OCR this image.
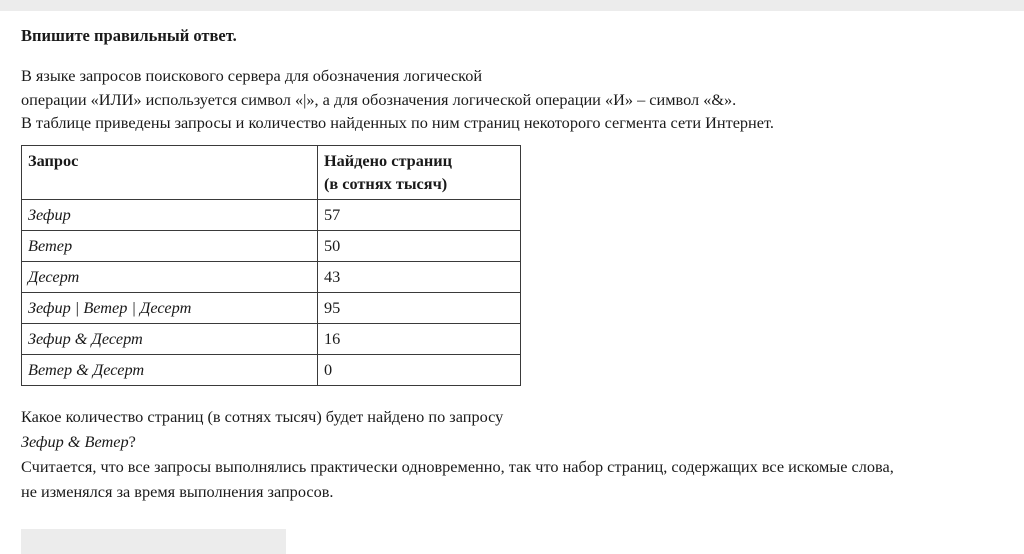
Впишите правильный ответ.

В языке запросов поискового сервера для обозначения логической

операции «ИЛИ» используется символ «|», а для обозначения логической операции «И» – символ «&».

В таблице приведены запросы и количество найденных по ним страниц некоторого сегмента сети Интернет.

Запрос	Найдено страниц
(в сотнях тысяч)

Зефир	57
Ветер	50
Десерт	43
Зефир | Ветер | Десерт	95
Зефир & Десерт	16
Ветер & Десерт	0

Какое количество страниц (в сотнях тысяч) будет найдено по запросу

Зефир & Ветер?

Считается, что все запросы выполнялись практически одновременно, так что набор страниц, содержащих все искомые слова,

не изменялся за время выполнения запросов.
